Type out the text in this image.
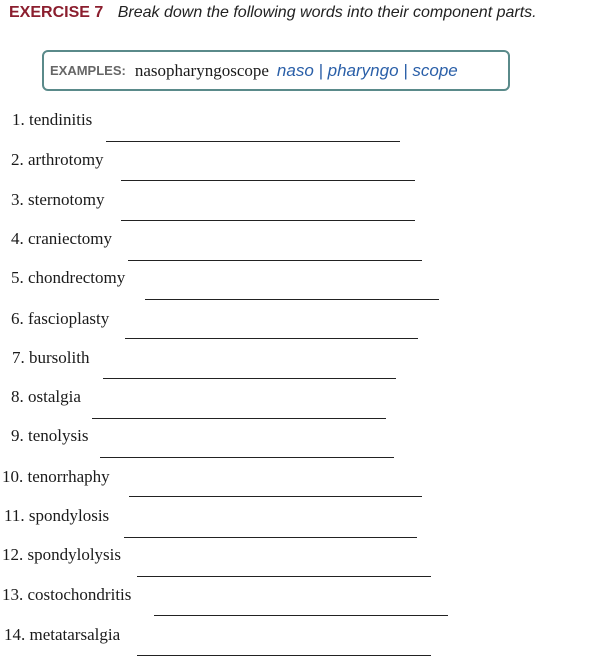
EXERCISE 7 Break down the following words into their component parts.
EXAMPLES: nasopharyngoscope naso | pharyngo | scope
1. tendinitis
2. arthrotomy
3. sternotomy
4. craniectomy
5. chondrectomy
6. fascioplasty
7. bursolith
8. ostalgia
9. tenolysis
10. tenorrhaphy
11. spondylosis
12. spondylolysis
13. costochondritis
14. metatarsalgia
